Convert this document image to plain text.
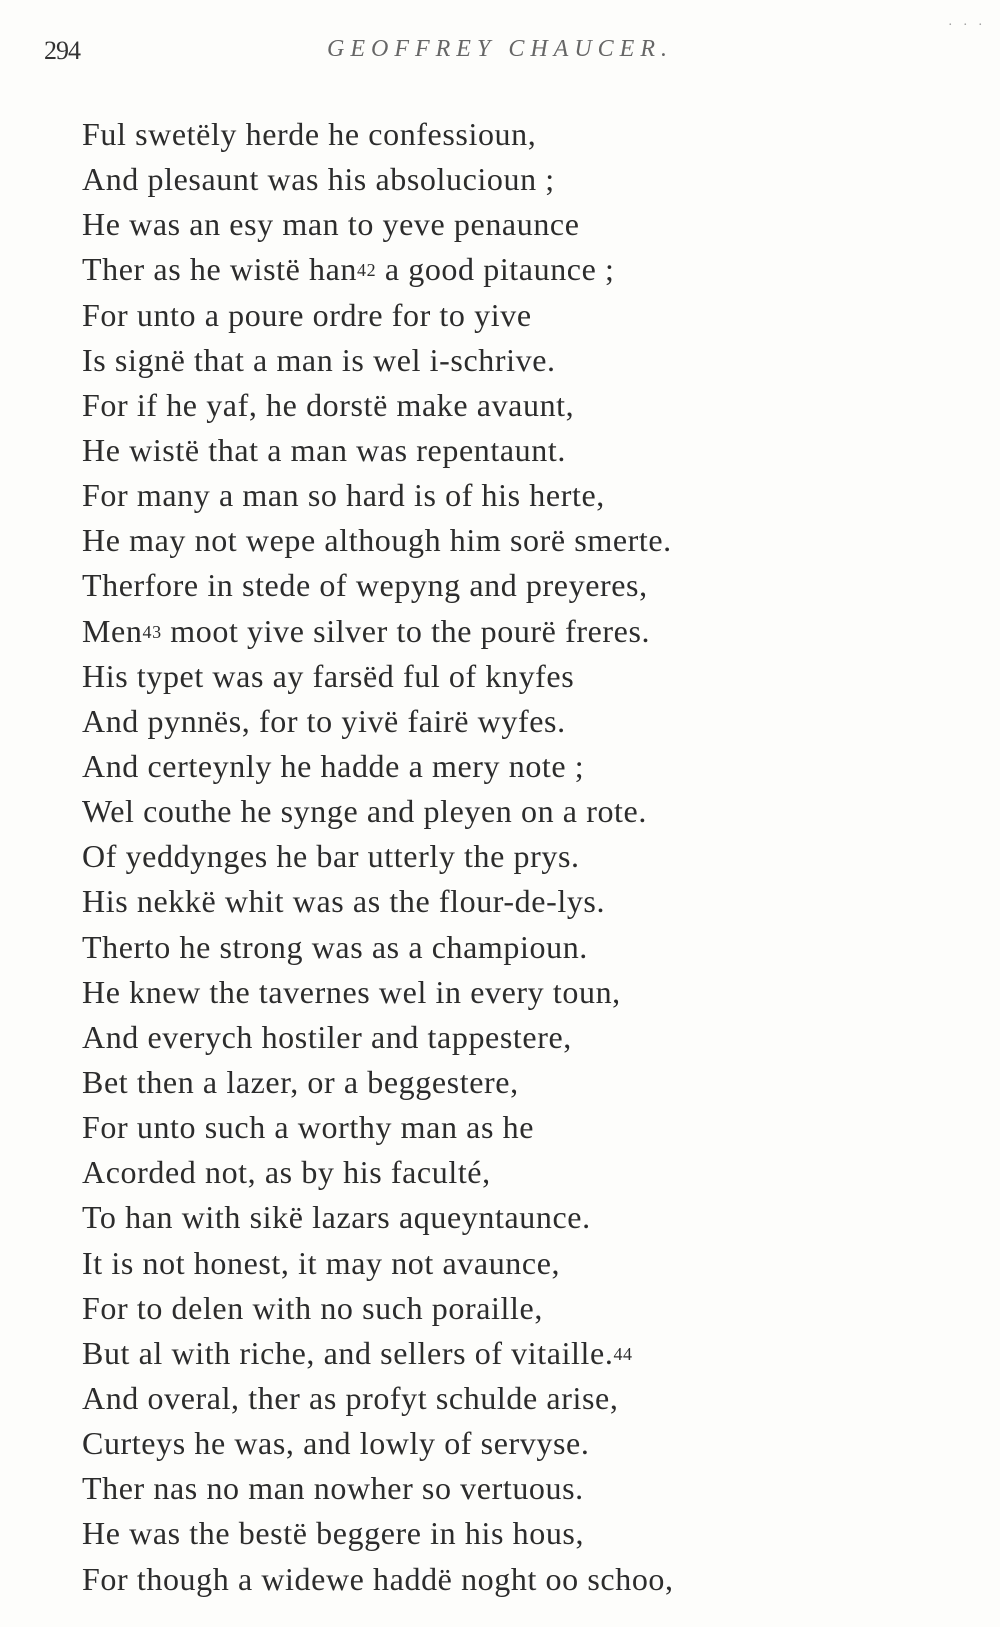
294	GEOFFREY CHAUCER.
. . .
Ful swetëly herde he confessioun,
And plesaunt was his absolucioun ;
He was an esy man to yeve penaunce
Ther as he wistë han$^{42}$ a good pitaunce ;
For unto a poure ordre for to yive
Is signë that a man is wel i-schrive.
For if he yaf, he dorstë make avaunt,
He wistë that a man was repentaunt.
For many a man so hard is of his herte,
He may not wepe although him sorë smerte.
Therfore in stede of wepyng and preyeres,
Men$^{43}$ moot yive silver to the pourë freres.
His typet was ay farsëd ful of knyfes
And pynnës, for to yivë fairë wyfes.
And certeynly he hadde a mery note ;
Wel couthe he synge and pleyen on a rote.
Of yeddynges he bar utterly the prys.
His nekkë whit was as the flour-de-lys.
Therto he strong was as a champioun.
He knew the tavernes wel in every toun,
And everych hostiler and tappestere,
Bet then a lazer, or a beggestere,
For unto such a worthy man as he
Acorded not, as by his faculté,
To han with sikë lazars aqueyntaunce.
It is not honest, it may not avaunce,
For to delen with no such poraille,
But al with riche, and sellers of vitaille.$^{44}$
And overal, ther as profyt schulde arise,
Curteys he was, and lowly of servyse.
Ther nas no man nowher so vertuous.
He was the bestë beggere in his hous,
For though a widewe haddë noght oo schoo,
